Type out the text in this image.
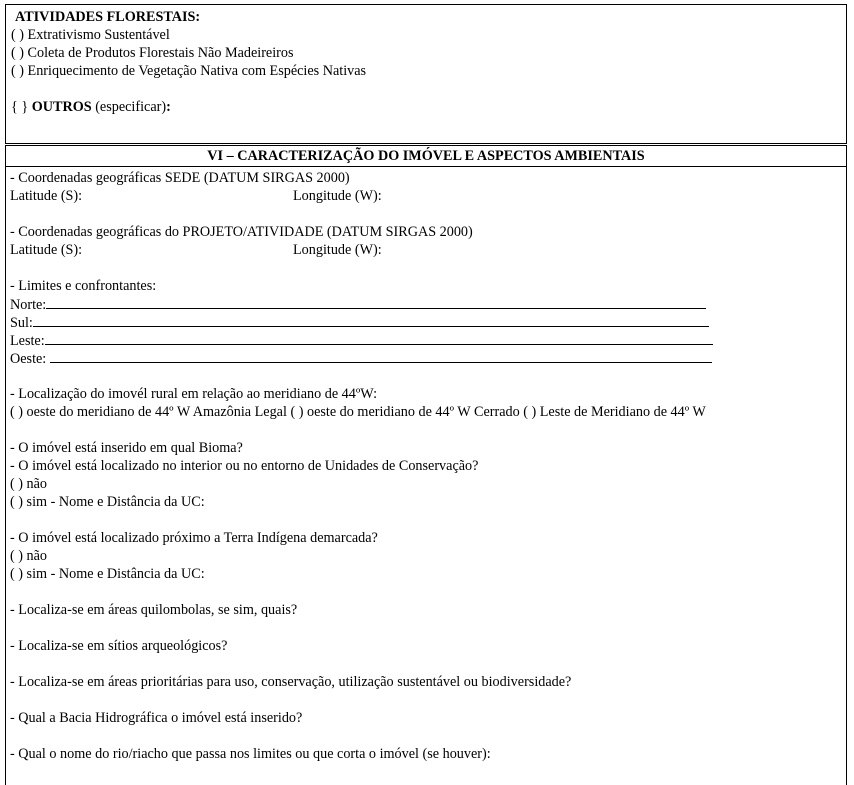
ATIVIDADES FLORESTAIS:
( ) Extrativismo Sustentável
( ) Coleta de Produtos Florestais Não Madeireiros
( ) Enriquecimento de Vegetação Nativa com Espécies Nativas
{ } OUTROS (especificar):
VI – CARACTERIZAÇÃO DO IMÓVEL E ASPECTOS AMBIENTAIS
- Coordenadas geográficas SEDE (DATUM SIRGAS 2000)
Latitude (S):	Longitude (W):
- Coordenadas geográficas do PROJETO/ATIVIDADE (DATUM SIRGAS 2000)
Latitude (S):	Longitude (W):
- Limites e confrontantes:
Norte:
Sul:
Leste:
Oeste:
- Localização do imovél rural em relação ao meridiano de 44ºW:
( ) oeste do meridiano de 44º W Amazônia Legal ( ) oeste do meridiano de 44º W Cerrado ( ) Leste de Meridiano de 44º W
- O imóvel está inserido em qual Bioma?
- O imóvel está localizado no interior ou no entorno de Unidades de Conservação?
( ) não
( ) sim - Nome e Distância da UC:
- O imóvel está localizado próximo a Terra Indígena demarcada?
( ) não
( ) sim - Nome e Distância da UC:
- Localiza-se em áreas quilombolas, se sim, quais?
- Localiza-se em sítios arqueológicos?
- Localiza-se em áreas prioritárias para uso, conservação, utilização sustentável ou biodiversidade?
- Qual a Bacia Hidrográfica o imóvel está inserido?
- Qual o nome do rio/riacho que passa nos limites ou que corta o imóvel (se houver):
